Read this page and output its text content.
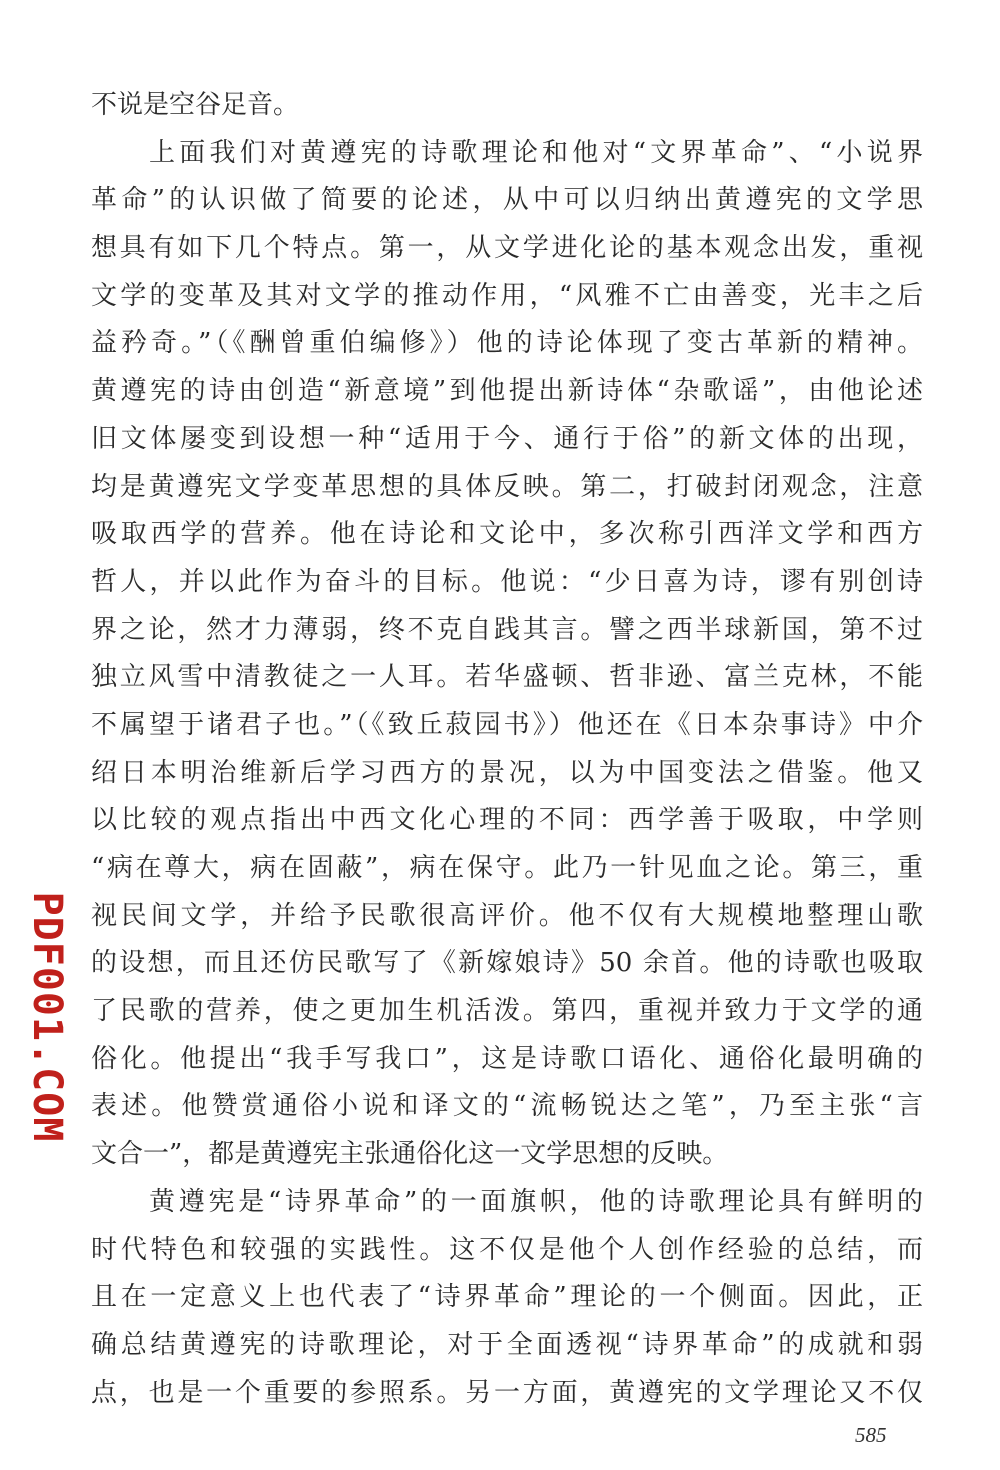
不说是空谷足音。
上面我们对黄遵宪的诗歌理论和他对“文界革命”、“小说界
革命”的认识做了简要的论述，从中可以归纳出黄遵宪的文学思
想具有如下几个特点。第一，从文学进化论的基本观念出发，重视
文学的变革及其对文学的推动作用，“风雅不亡由善变，光丰之后
益矜奇。”（《酬曾重伯编修》）他的诗论体现了变古革新的精神。
黄遵宪的诗由创造“新意境”到他提出新诗体“杂歌谣”，由他论述
旧文体屡变到设想一种“适用于今、通行于俗”的新文体的出现，
均是黄遵宪文学变革思想的具体反映。第二，打破封闭观念，注意
吸取西学的营养。他在诗论和文论中，多次称引西洋文学和西方
哲人，并以此作为奋斗的目标。他说：“少日喜为诗，谬有别创诗
界之论，然才力薄弱，终不克自践其言。譬之西半球新国，第不过
独立风雪中清教徒之一人耳。若华盛顿、哲非逊、富兰克林，不能
不属望于诸君子也。”（《致丘菽园书》）他还在《日本杂事诗》中介
绍日本明治维新后学习西方的景况，以为中国变法之借鉴。他又
以比较的观点指出中西文化心理的不同：西学善于吸取，中学则
“病在尊大，病在固蔽”，病在保守。此乃一针见血之论。第三，重
视民间文学，并给予民歌很高评价。他不仅有大规模地整理山歌
的设想，而且还仿民歌写了《新嫁娘诗》50 余首。他的诗歌也吸取
了民歌的营养，使之更加生机活泼。第四，重视并致力于文学的通
俗化。他提出“我手写我口”，这是诗歌口语化、通俗化最明确的
表述。他赞赏通俗小说和译文的“流畅锐达之笔”，乃至主张“言
文合一”，都是黄遵宪主张通俗化这一文学思想的反映。
黄遵宪是“诗界革命”的一面旗帜，他的诗歌理论具有鲜明的
时代特色和较强的实践性。这不仅是他个人创作经验的总结，而
且在一定意义上也代表了“诗界革命”理论的一个侧面。因此，正
确总结黄遵宪的诗歌理论，对于全面透视“诗界革命”的成就和弱
点，也是一个重要的参照系。另一方面，黄遵宪的文学理论又不仅
585
PDF001.COM
